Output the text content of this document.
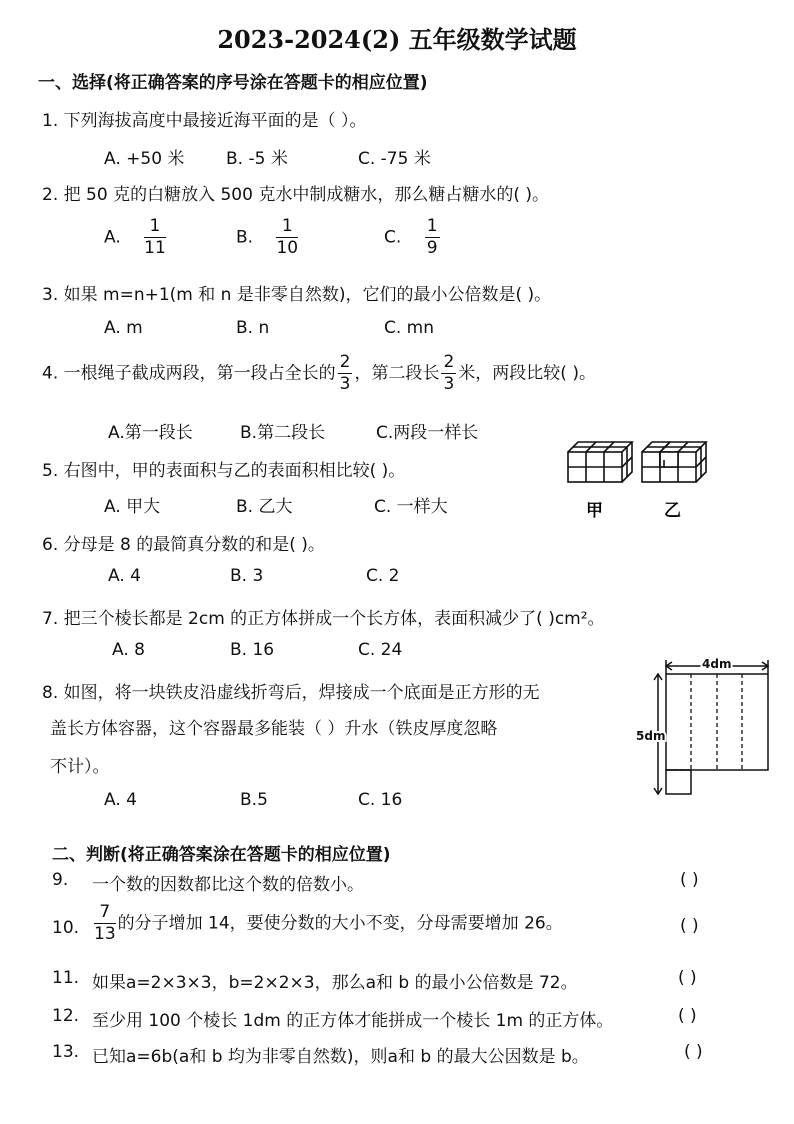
2023-2024(2) 五年级数学试题
一、选择(将正确答案的序号涂在答题卡的相应位置)
1. 下列海拔高度中最接近海平面的是（ ）。
A. +50 米 B. -5 米	C. -75 米
2. 把 50 克的白糖放入 500 克水中制成糖水，那么糖占糖水的( )。
A. $\frac{1}{11}$	B. $\frac{1}{10}$	C. $\frac{1}{9}$
3. 如果 m=n+1(m 和 n 是非零自然数)，它们的最小公倍数是( )。
A. m	B. n	C. mn
4. 一根绳子截成两段，第一段占全长的 $\frac{2}{3}$ ，第二段长 $\frac{2}{3}$ 米，两段比较( )。
A.第一段长	B.第二段长	C.两段一样长
5. 右图中，甲的表面积与乙的表面积相比较( )。
A. 甲大	B. 乙大	C. 一样大	甲	乙
6. 分母是 8 的最简真分数的和是( )。
A. 4	B. 3	C. 2
7. 把三个棱长都是 2cm 的正方体拼成一个长方体，表面积减少了( )cm²。
A. 8	B. 16	C. 24
8. 如图，将一块铁皮沿虚线折弯后，焊接成一个底面是正方形的无
盖长方体容器，这个容器最多能装（ ）升水（铁皮厚度忽略
不计）。
A. 4	B.5	C. 16
4dm
5dm
二、判断(将正确答案涂在答题卡的相应位置)
9. 一个数的因数都比这个数的倍数小。	( )
10. $\frac{7}{13}$ 的分子增加 14，要使分数的大小不变，分母需要增加 26。	( )
11. 如果a=2×3×3，b=2×2×3，那么a和 b 的最小公倍数是 72。	( )
12. 至少用 100 个棱长 1dm 的正方体才能拼成一个棱长 1m 的正方体。	( )
13. 已知a=6b(a和 b 均为非零自然数)，则a和 b 的最大公因数是 b。	( )
